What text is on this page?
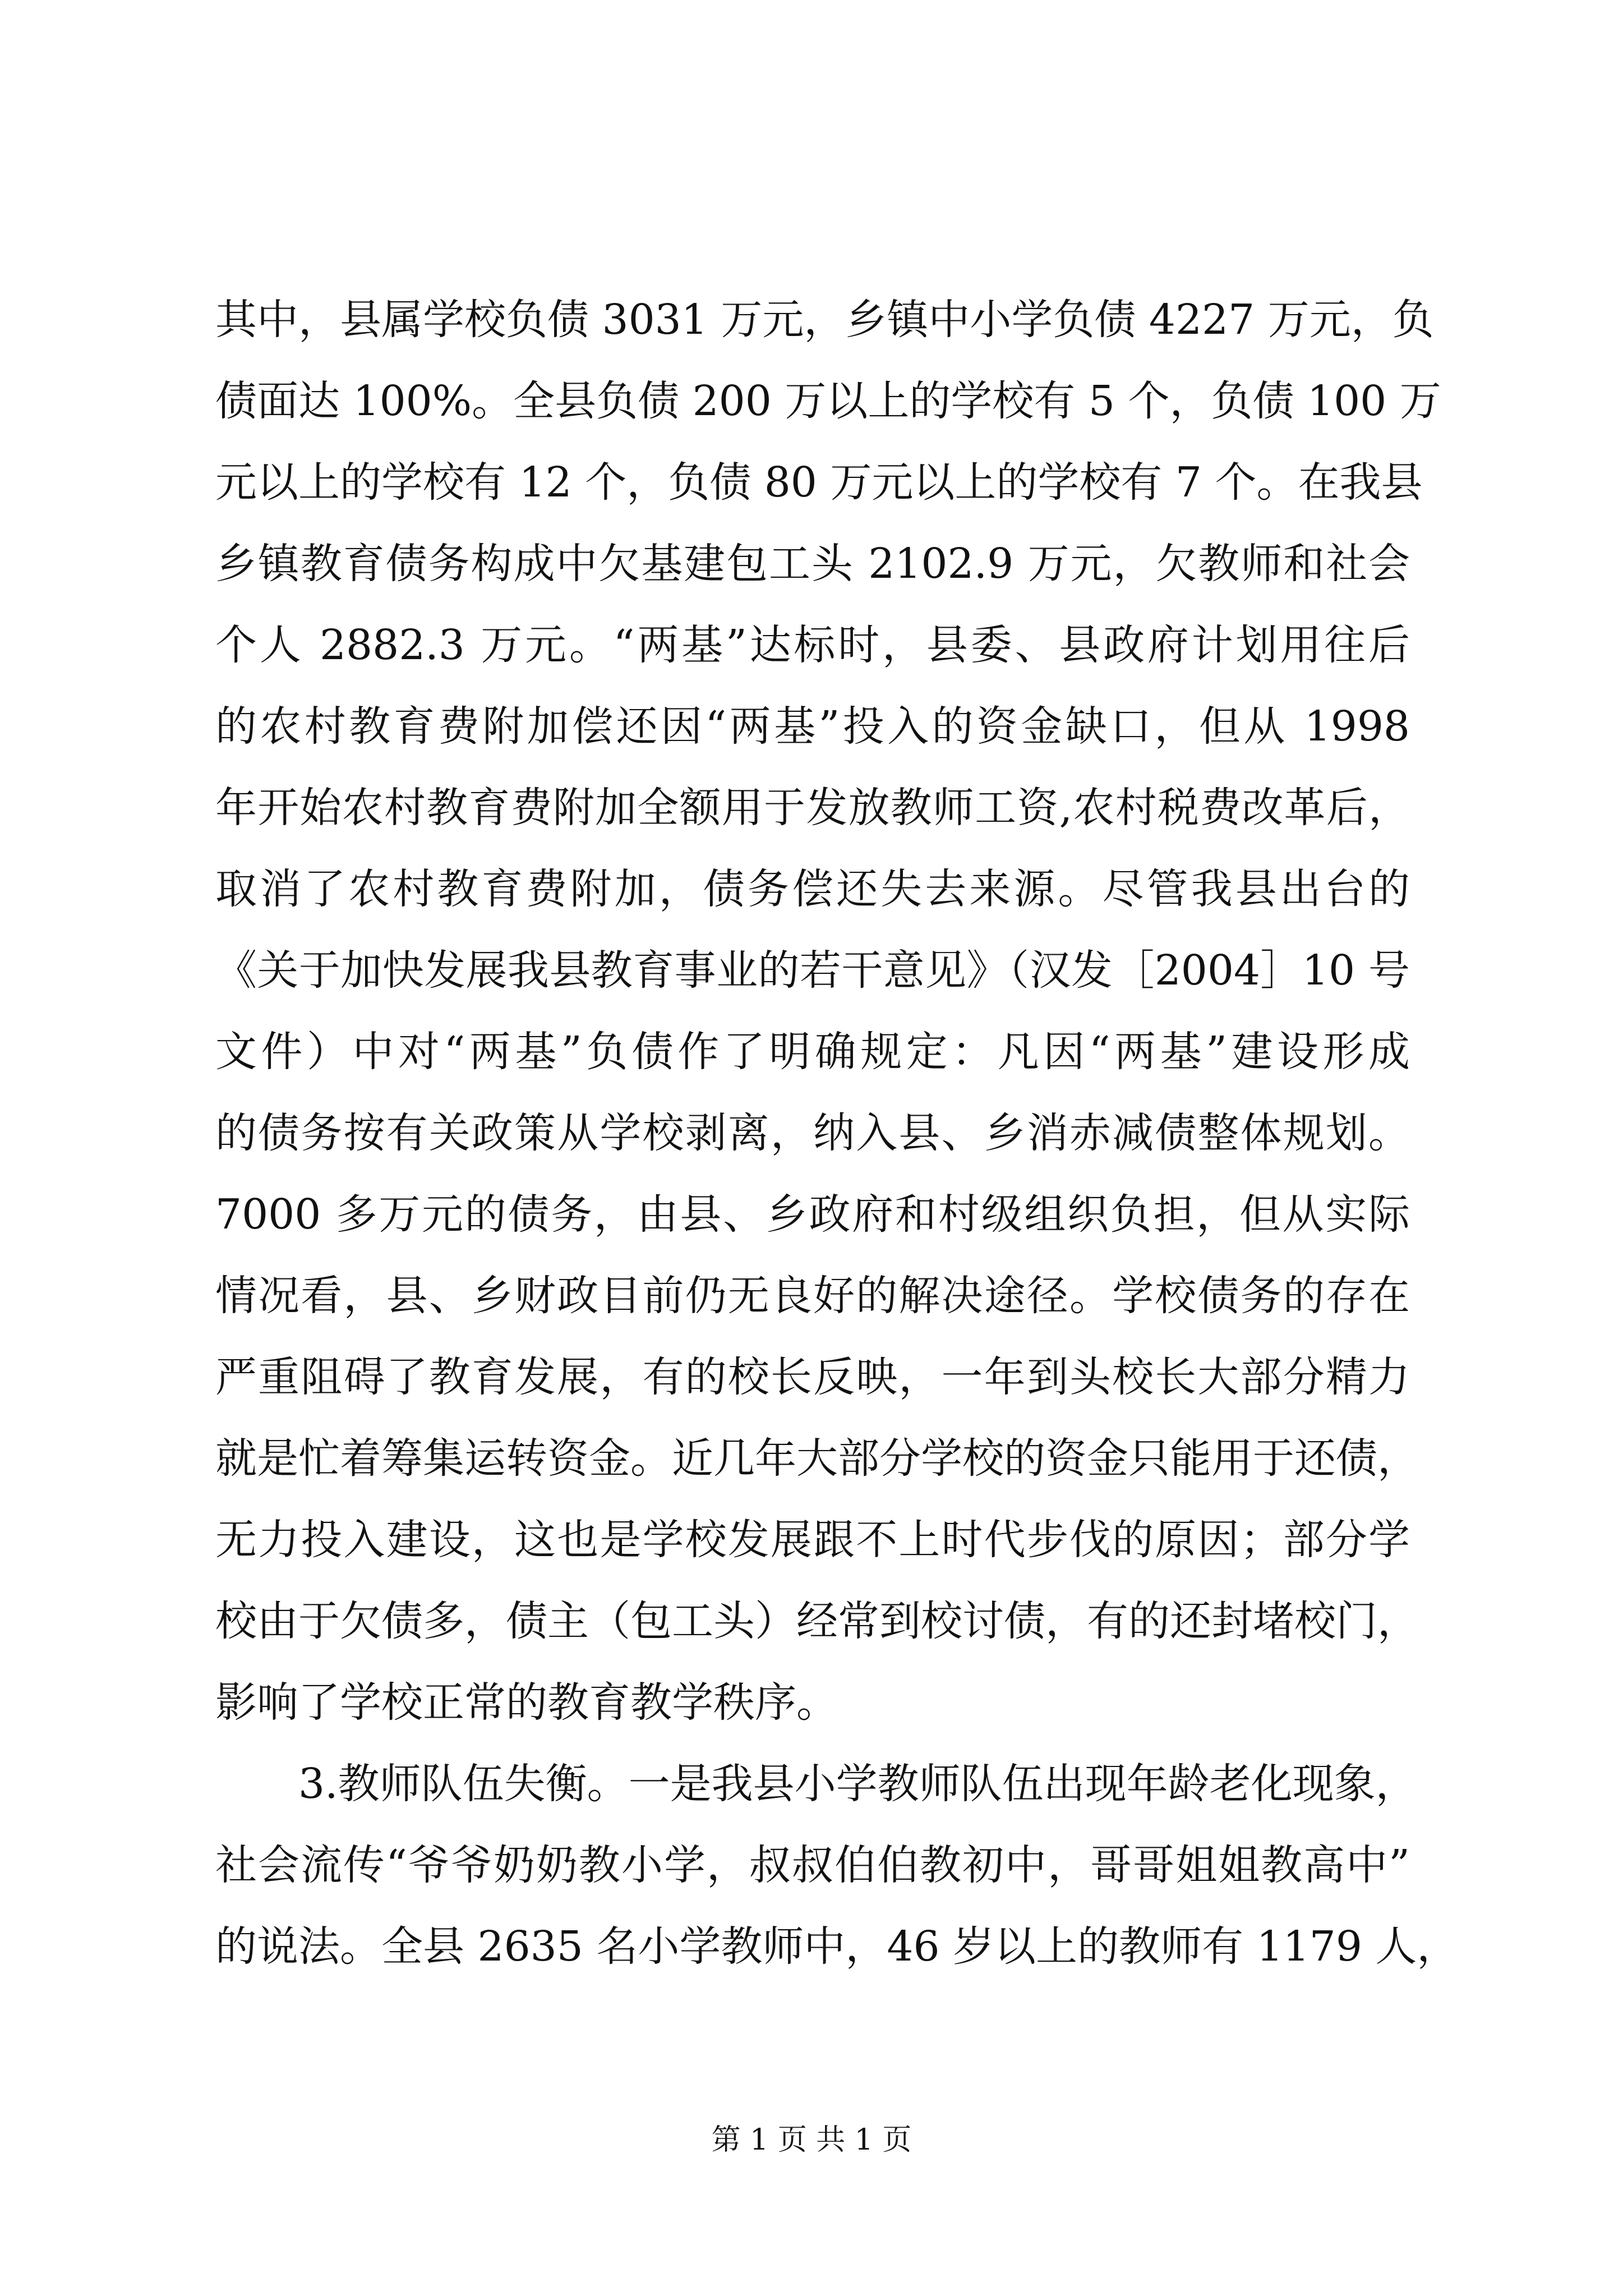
其中，县属学校负债 3031 万元，乡镇中小学负债 4227 万元，负
债面达 100%。全县负债 200 万以上的学校有 5 个，负债 100 万
元以上的学校有 12 个，负债 80 万元以上的学校有 7 个。在我县
乡镇教育债务构成中欠基建包工头 2102.9 万元，欠教师和社会
个人 2882.3 万元。“两基”达标时，县委、县政府计划用往后
的农村教育费附加偿还因“两基”投入的资金缺口，但从 1998
年开始农村教育费附加全额用于发放教师工资,农村税费改革后，
取消了农村教育费附加，债务偿还失去来源。尽管我县出台的
《关于加快发展我县教育事业的若干意见》（汉发［2004］10 号
文件）中对“两基”负债作了明确规定：凡因“两基”建设形成
的债务按有关政策从学校剥离，纳入县、乡消赤减债整体规划。
7000 多万元的债务，由县、乡政府和村级组织负担，但从实际
情况看，县、乡财政目前仍无良好的解决途径。学校债务的存在
严重阻碍了教育发展，有的校长反映，一年到头校长大部分精力
就是忙着筹集运转资金。近几年大部分学校的资金只能用于还债，
无力投入建设，这也是学校发展跟不上时代步伐的原因；部分学
校由于欠债多，债主（包工头）经常到校讨债，有的还封堵校门，
影响了学校正常的教育教学秩序。
3.教师队伍失衡。一是我县小学教师队伍出现年龄老化现象，
社会流传“爷爷奶奶教小学，叔叔伯伯教初中，哥哥姐姐教高中”
的说法。全县 2635 名小学教师中，46 岁以上的教师有 1179 人，
第 1 页 共 1 页
